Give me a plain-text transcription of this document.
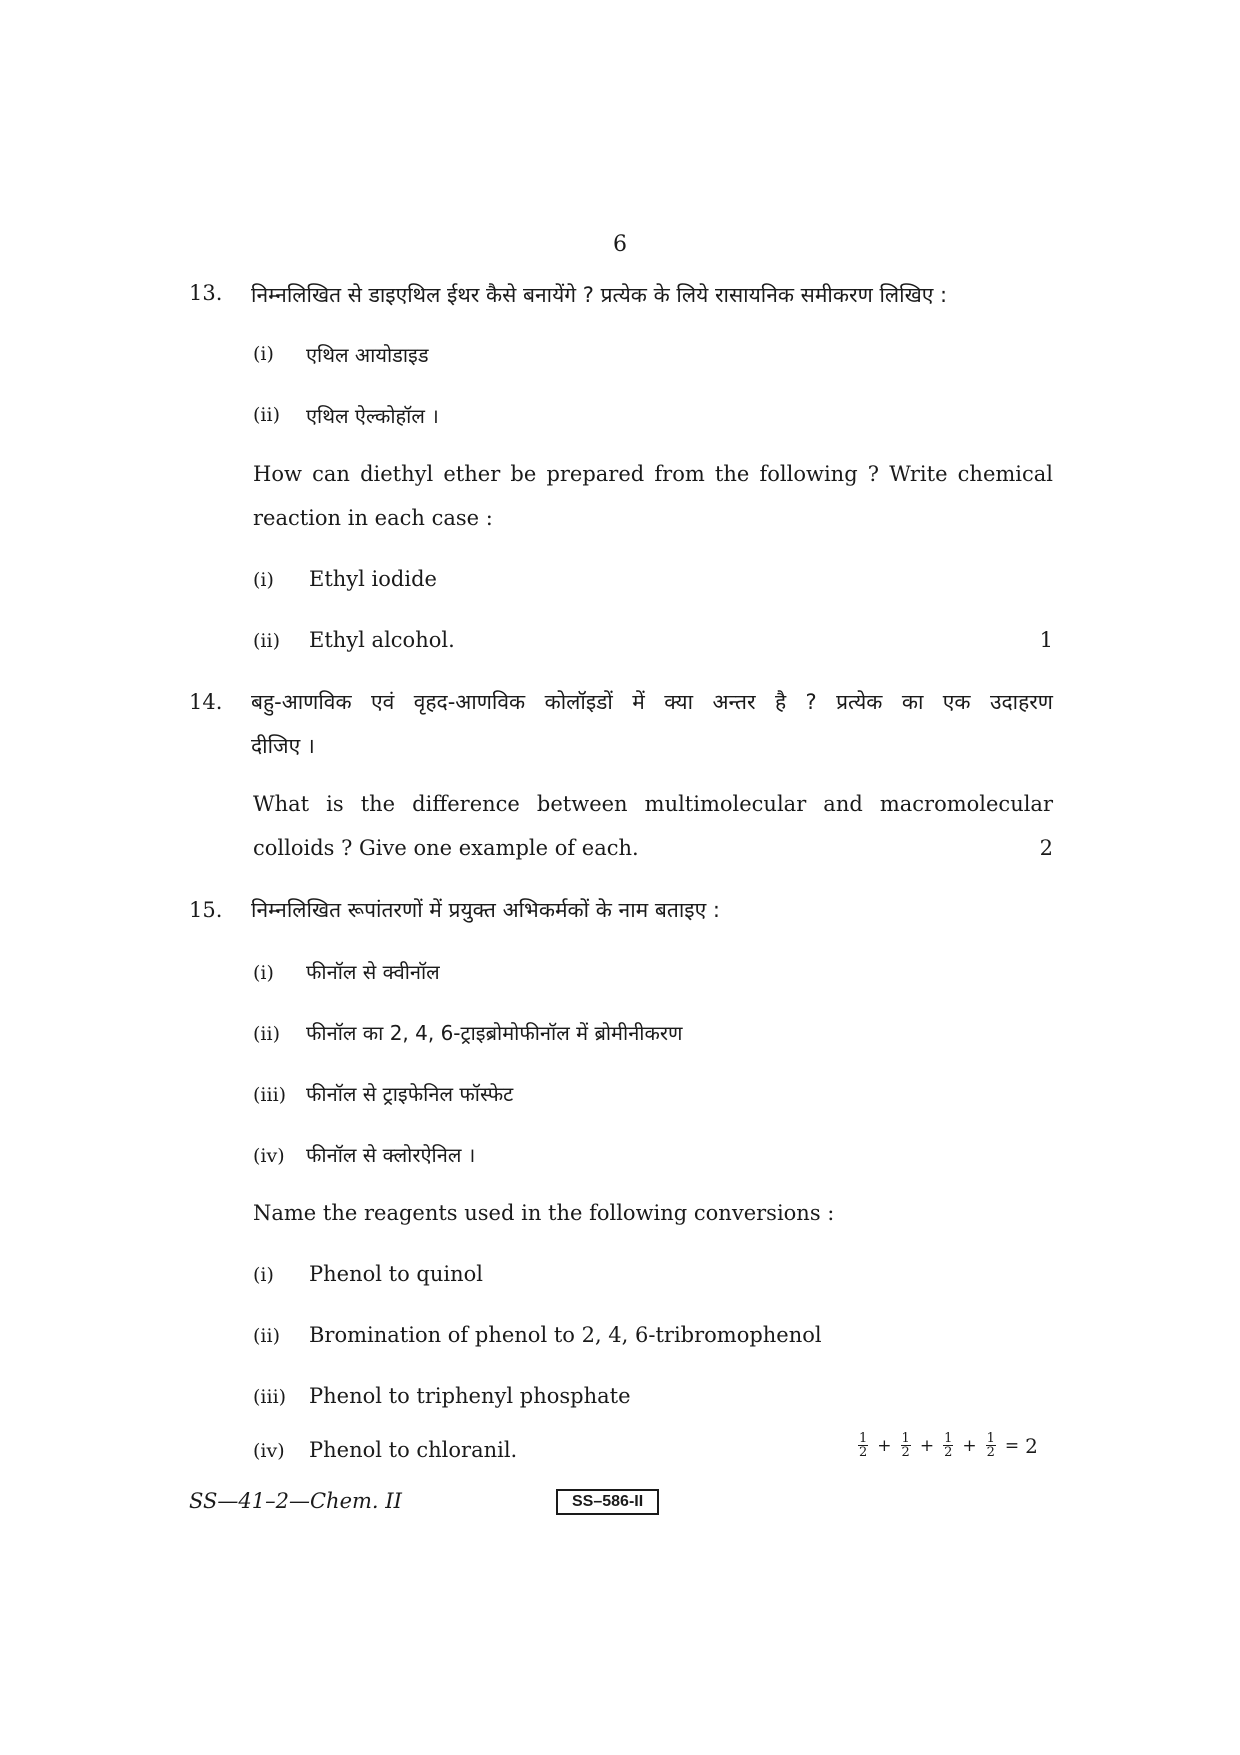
6
13. निम्नलिखित से डाइएथिल ईथर कैसे बनायेंगे ? प्रत्येक के लिये रासायनिक समीकरण लिखिए :
(i) एथिल आयोडाइड
(ii) एथिल ऐल्कोहॉल ।
How can diethyl ether be prepared from the following ? Write chemical
reaction in each case :
(i) Ethyl iodide
(ii) Ethyl alcohol.	1
14. बहु-आणविक एवं वृहद-आणविक कोलॉइडों में क्या अन्तर है ? प्रत्येक का एक उदाहरण
दीजिए ।
What is the difference between multimolecular and macromolecular
colloids ? Give one example of each.	2
15. निम्नलिखित रूपांतरणों में प्रयुक्त अभिकर्मकों के नाम बताइए :
(i) फीनॉल से क्वीनॉल
(ii) फीनॉल का 2, 4, 6-ट्राइब्रोमोफीनॉल में ब्रोमीनीकरण
(iii) फीनॉल से ट्राइफेनिल फॉस्फेट
(iv) फीनॉल से क्लोरऐनिल ।
Name the reagents used in the following conversions :
(i) Phenol to quinol
(ii) Bromination of phenol to 2, 4, 6-tribromophenol
(iii) Phenol to triphenyl phosphate
(iv) Phenol to chloranil.	$\frac{1}{2} + \frac{1}{2} + \frac{1}{2} + \frac{1}{2} = 2$
SS—41–2—Chem. II	SS–586-II
